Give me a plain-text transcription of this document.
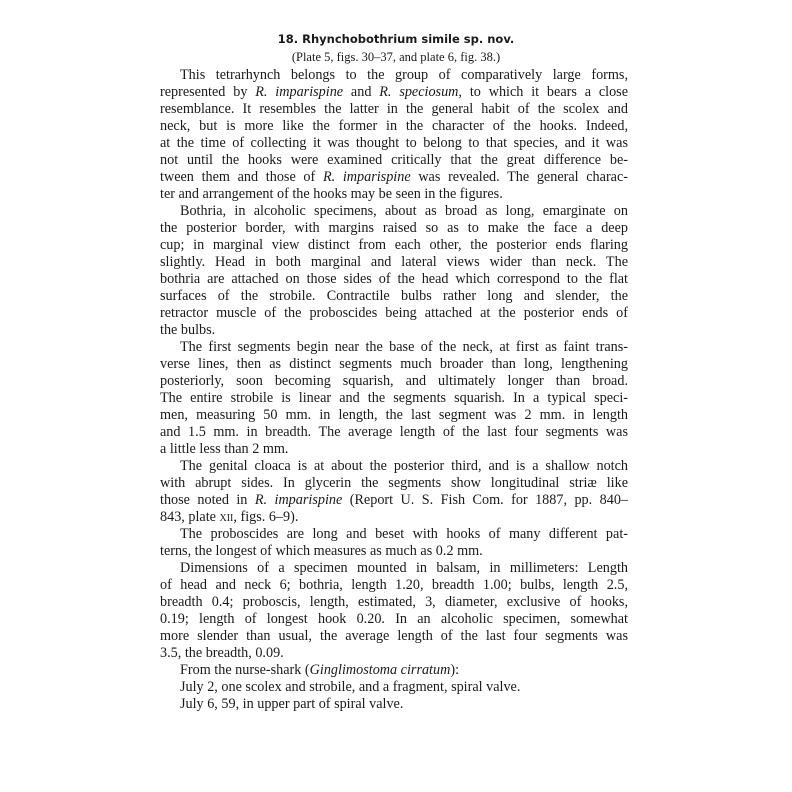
18. Rhynchobothrium simile sp. nov.
(Plate 5, figs. 30–37, and plate 6, fig. 38.)
This tetrarhynch belongs to the group of comparatively large forms,
represented by R. imparispine and R. speciosum, to which it bears a close
resemblance. It resembles the latter in the general habit of the scolex and
neck, but is more like the former in the character of the hooks. Indeed,
at the time of collecting it was thought to belong to that species, and it was
not until the hooks were examined critically that the great difference be-
tween them and those of R. imparispine was revealed. The general charac-
ter and arrangement of the hooks may be seen in the figures.
Bothria, in alcoholic specimens, about as broad as long, emarginate on
the posterior border, with margins raised so as to make the face a deep
cup; in marginal view distinct from each other, the posterior ends flaring
slightly. Head in both marginal and lateral views wider than neck. The
bothria are attached on those sides of the head which correspond to the flat
surfaces of the strobile. Contractile bulbs rather long and slender, the
retractor muscle of the proboscides being attached at the posterior ends of
the bulbs.
The first segments begin near the base of the neck, at first as faint trans-
verse lines, then as distinct segments much broader than long, lengthening
posteriorly, soon becoming squarish, and ultimately longer than broad.
The entire strobile is linear and the segments squarish. In a typical speci-
men, measuring 50 mm. in length, the last segment was 2 mm. in length
and 1.5 mm. in breadth. The average length of the last four segments was
a little less than 2 mm.
The genital cloaca is at about the posterior third, and is a shallow notch
with abrupt sides. In glycerin the segments show longitudinal striæ like
those noted in R. imparispine (Report U. S. Fish Com. for 1887, pp. 840–
843, plate xii, figs. 6–9).
The proboscides are long and beset with hooks of many different pat-
terns, the longest of which measures as much as 0.2 mm.
Dimensions of a specimen mounted in balsam, in millimeters: Length
of head and neck 6; bothria, length 1.20, breadth 1.00; bulbs, length 2.5,
breadth 0.4; proboscis, length, estimated, 3, diameter, exclusive of hooks,
0.19; length of longest hook 0.20. In an alcoholic specimen, somewhat
more slender than usual, the average length of the last four segments was
3.5, the breadth, 0.09.
From the nurse-shark (Ginglimostoma cirratum):
July 2, one scolex and strobile, and a fragment, spiral valve.
July 6, 59, in upper part of spiral valve.
